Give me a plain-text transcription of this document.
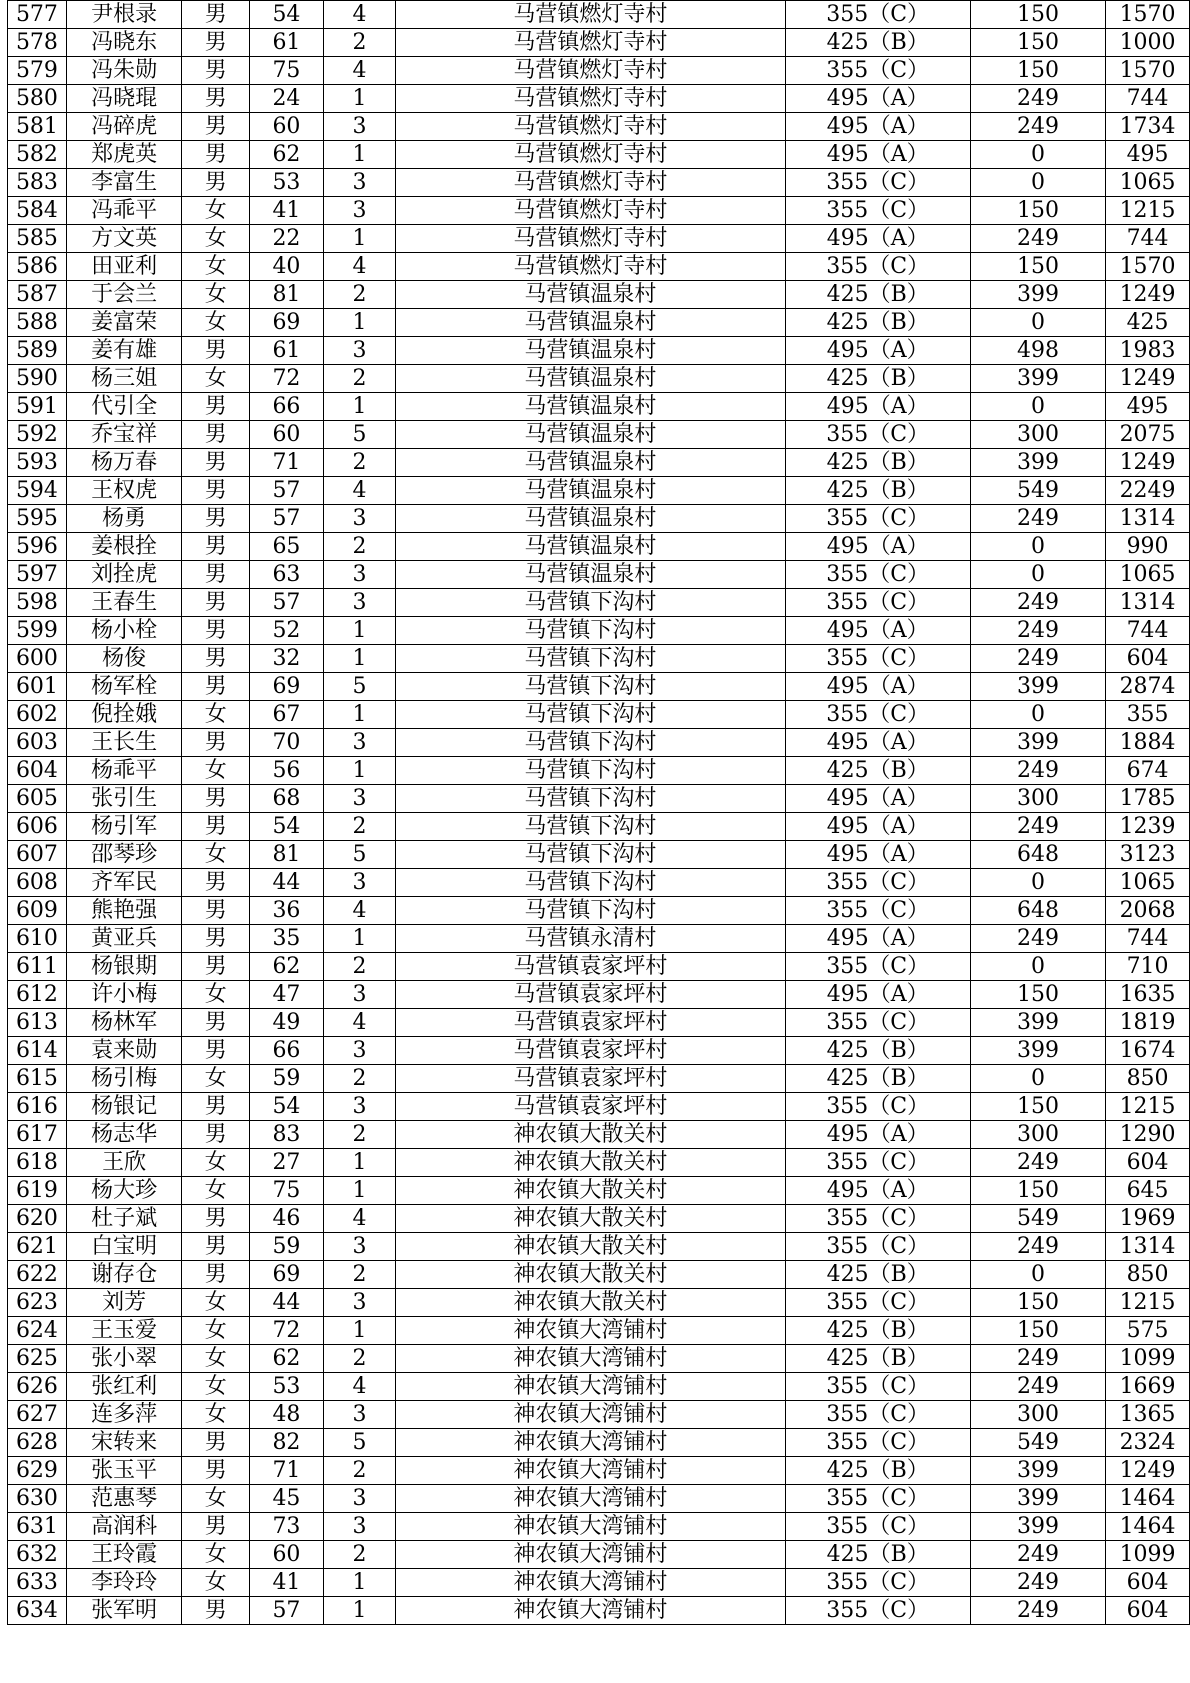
577	尹根录	男	54	4	马营镇燃灯寺村	355（C）	150	1570
578	冯晓东	男	61	2	马营镇燃灯寺村	425（B）	150	1000
579	冯朱勋	男	75	4	马营镇燃灯寺村	355（C）	150	1570
580	冯晓琨	男	24	1	马营镇燃灯寺村	495（A）	249	744
581	冯碎虎	男	60	3	马营镇燃灯寺村	495（A）	249	1734
582	郑虎英	男	62	1	马营镇燃灯寺村	495（A）	0	495
583	李富生	男	53	3	马营镇燃灯寺村	355（C）	0	1065
584	冯乖平	女	41	3	马营镇燃灯寺村	355（C）	150	1215
585	方文英	女	22	1	马营镇燃灯寺村	495（A）	249	744
586	田亚利	女	40	4	马营镇燃灯寺村	355（C）	150	1570
587	于会兰	女	81	2	马营镇温泉村	425（B）	399	1249
588	姜富荣	女	69	1	马营镇温泉村	425（B）	0	425
589	姜有雄	男	61	3	马营镇温泉村	495（A）	498	1983
590	杨三姐	女	72	2	马营镇温泉村	425（B）	399	1249
591	代引全	男	66	1	马营镇温泉村	495（A）	0	495
592	乔宝祥	男	60	5	马营镇温泉村	355（C）	300	2075
593	杨万春	男	71	2	马营镇温泉村	425（B）	399	1249
594	王权虎	男	57	4	马营镇温泉村	425（B）	549	2249
595	杨勇	男	57	3	马营镇温泉村	355（C）	249	1314
596	姜根拴	男	65	2	马营镇温泉村	495（A）	0	990
597	刘拴虎	男	63	3	马营镇温泉村	355（C）	0	1065
598	王春生	男	57	3	马营镇下沟村	355（C）	249	1314
599	杨小栓	男	52	1	马营镇下沟村	495（A）	249	744
600	杨俊	男	32	1	马营镇下沟村	355（C）	249	604
601	杨军栓	男	69	5	马营镇下沟村	495（A）	399	2874
602	倪拴娥	女	67	1	马营镇下沟村	355（C）	0	355
603	王长生	男	70	3	马营镇下沟村	495（A）	399	1884
604	杨乖平	女	56	1	马营镇下沟村	425（B）	249	674
605	张引生	男	68	3	马营镇下沟村	495（A）	300	1785
606	杨引军	男	54	2	马营镇下沟村	495（A）	249	1239
607	邵琴珍	女	81	5	马营镇下沟村	495（A）	648	3123
608	齐军民	男	44	3	马营镇下沟村	355（C）	0	1065
609	熊艳强	男	36	4	马营镇下沟村	355（C）	648	2068
610	黄亚兵	男	35	1	马营镇永清村	495（A）	249	744
611	杨银期	男	62	2	马营镇袁家坪村	355（C）	0	710
612	许小梅	女	47	3	马营镇袁家坪村	495（A）	150	1635
613	杨林军	男	49	4	马营镇袁家坪村	355（C）	399	1819
614	袁来勋	男	66	3	马营镇袁家坪村	425（B）	399	1674
615	杨引梅	女	59	2	马营镇袁家坪村	425（B）	0	850
616	杨银记	男	54	3	马营镇袁家坪村	355（C）	150	1215
617	杨志华	男	83	2	神农镇大散关村	495（A）	300	1290
618	王欣	女	27	1	神农镇大散关村	355（C）	249	604
619	杨大珍	女	75	1	神农镇大散关村	495（A）	150	645
620	杜子斌	男	46	4	神农镇大散关村	355（C）	549	1969
621	白宝明	男	59	3	神农镇大散关村	355（C）	249	1314
622	谢存仓	男	69	2	神农镇大散关村	425（B）	0	850
623	刘芳	女	44	3	神农镇大散关村	355（C）	150	1215
624	王玉爱	女	72	1	神农镇大湾铺村	425（B）	150	575
625	张小翠	女	62	2	神农镇大湾铺村	425（B）	249	1099
626	张红利	女	53	4	神农镇大湾铺村	355（C）	249	1669
627	连多萍	女	48	3	神农镇大湾铺村	355（C）	300	1365
628	宋转来	男	82	5	神农镇大湾铺村	355（C）	549	2324
629	张玉平	男	71	2	神农镇大湾铺村	425（B）	399	1249
630	范惠琴	女	45	3	神农镇大湾铺村	355（C）	399	1464
631	高润科	男	73	3	神农镇大湾铺村	355（C）	399	1464
632	王玲霞	女	60	2	神农镇大湾铺村	425（B）	249	1099
633	李玲玲	女	41	1	神农镇大湾铺村	355（C）	249	604
634	张军明	男	57	1	神农镇大湾铺村	355（C）	249	604
